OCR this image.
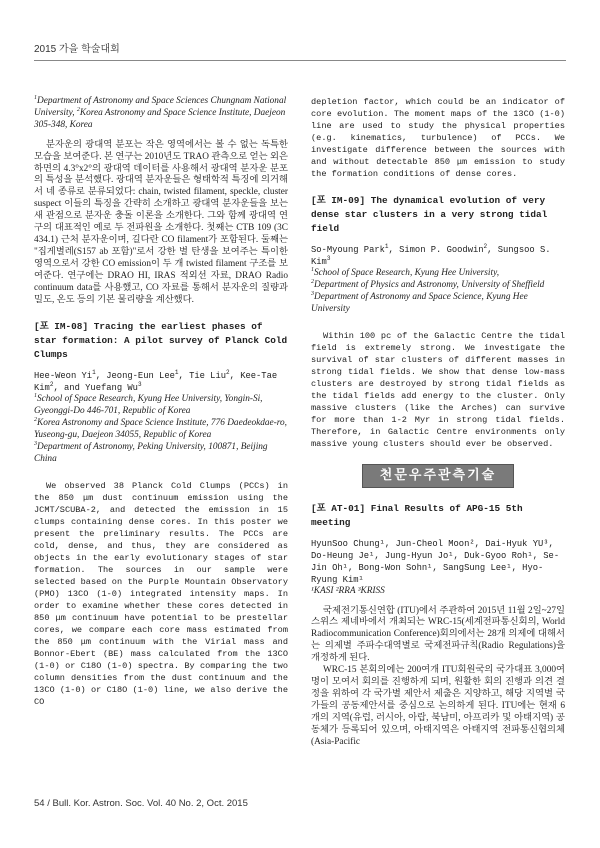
2015 가을 학술대회

$^1$Department of Astronomy and Space Sciences Chungnam National University, $^2$Korea Astronomy and Space Science Institute, Daejeon 305-348, Korea

분자운의 광대역 분포는 작은 영역에서는 볼 수 없는 독특한 모습을 보여준다. 본 연구는 2010년도 TRAO 관측으로 얻는 외은하면의 4.3°x2°의 광대역 데이터를 사용해서 광대역 분자운 분포의 특성을 분석했다. 광대역 분자운들은 형태학적 특징에 의거해서 네 종류로 분류되었다: chain, twisted filament, speckle, cluster suspect 이들의 특징을 간략히 소개하고 광대역 분자운들을 보는 새 관점으로 분자운 충돌 이론을 소개한다. 그와 함께 광대역 연구의 대표적인 예로 두 전파원을 소개한다. 첫째는 CTB 109 (3C 434.1) 근처 분자운이며, 길다란 CO filament가 포함된다. 둘째는 "집게별레(S157 ab 포함)"로서 강한 별 탄생을 보여주는 특이한 영역으로서 강한 CO emission이 두 개 twisted filament 구조를 보여준다. 연구에는 DRAO HI, IRAS 적외선 자료, DRAO Radio continuum data를 사용했고, CO 자료를 통해서 분자운의 질량과 밀도, 온도 등의 기본 물리량을 계산했다.

[포 IM-08] Tracing the earliest phases of star formation: A pilot survey of Planck Cold Clumps

Hee-Weon Yi$^1$, Jeong-Eun Lee$^1$, Tie Liu$^2$, Kee-Tae Kim$^2$, and Yuefang Wu$^3$

$^1$School of Space Research, Kyung Hee University, Yongin-Si, Gyeonggi-Do 446-701, Republic of Korea

$^2$Korea Astronomy and Space Science Institute, 776 Daedeokdae-ro, Yuseong-gu, Daejeon 34055, Republic of Korea

$^3$Department of Astronomy, Peking University, 100871, Beijing China

We observed 38 Planck Cold Clumps (PCCs) in the 850 μm dust continuum emission using the JCMT/SCUBA-2, and detected the emission in 15 clumps containing dense cores. In this poster we present the preliminary results. The PCCs are cold, dense, and thus, they are considered as objects in the early evolutionary stages of star formation. The sources in our sample were selected based on the Purple Mountain Observatory (PMO) 13CO (1-0) integrated intensity maps. In order to examine whether these cores detected in 850 μm continuum have potential to be prestellar cores, we compare each core mass estimated from the 850 μm continuum with the Virial mass and Bonnor-Ebert (BE) mass calculated from the 13CO (1-0) or C18O (1-0) spectra. By comparing the two column densities from the dust continuum and the 13CO (1-0) or C18O (1-0) line, we also derive the CO

depletion factor, which could be an indicator of core evolution. The moment maps of the 13CO (1-0) line are used to study the physical properties (e.g. kinematics, turbulence) of PCCs. We investigate difference between the sources with and without detectable 850 μm emission to study the formation conditions of dense cores.

[포 IM-09] The dynamical evolution of very dense star clusters in a very strong tidal field

So-Myoung Park$^1$, Simon P. Goodwin$^2$, Sungsoo S. Kim$^3$

$^1$School of Space Research, Kyung Hee University,

$^2$Department of Physics and Astronomy, University of Sheffield

$^3$Department of Astronomy and Space Science, Kyung Hee University

Within 100 pc of the Galactic Centre the tidal field is extremely strong. We investigate the survival of star clusters of different masses in strong tidal fields. We show that dense low-mass clusters are destroyed by strong tidal fields as the tidal fields add energy to the cluster. Only massive clusters (like the Arches) can survive for more than 1-2 Myr in strong tidal fields. Therefore, in Galactic Centre environments only massive young clusters should ever be observed.

천문우주관측기술

[포 AT-01] Final Results of APG-15 5th meeting

HyunSoo Chung¹, Jun-Cheol Moon², Dai-Hyuk YU³, Do-Heung Je¹, Jung-Hyun Jo¹, Duk-Gyoo Roh¹, Se-Jin Oh¹, Bong-Won Sohn¹, SangSung Lee¹, Hyo-Ryung Kim¹

¹KASI ²RRA ³KRISS

국제전기통신연합 (ITU)에서 주관하여 2015년 11월 2일~27일 스위스 제네바에서 개최되는 WRC-15(세계전파통신회의, World Radiocommunication Conference)회의에서는 28개 의제에 대해서는 의제별 주파수대역별로 국제전파규칙(Radio Regulations)을 개정하게 된다.

WRC-15 본회의에는 200여개 ITU회원국의 국가대표 3,000여명이 모여서 회의를 진행하게 되며, 원활한 회의 진행과 의견 결정을 위하여 각 국가별 제안서 제출은 지양하고, 해당 지역별 국가들의 공동제안서를 중심으로 논의하게 된다. ITU에는 현재 6개의 지역(유럽, 러시아, 아랍, 북남미, 아프리카 및 아태지역) 공동체가 등록되어 있으며, 아태지역은 아태지역 전파통신협의체(Asia-Pacific

54 / Bull. Kor. Astron. Soc. Vol. 40 No. 2, Oct. 2015
